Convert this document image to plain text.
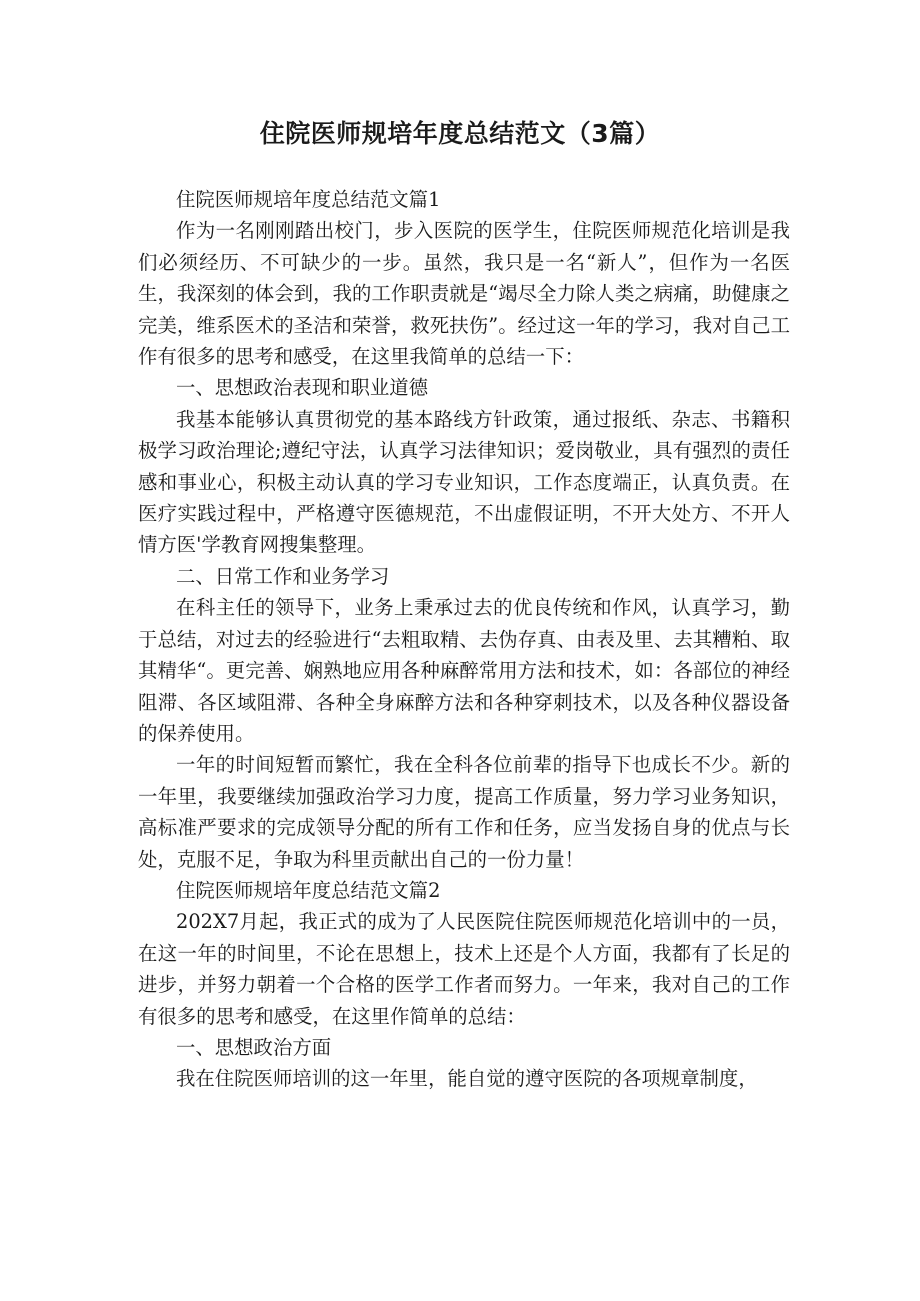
住院医师规培年度总结范文（3篇）

住院医师规培年度总结范文篇1

作为一名刚刚踏出校门，步入医院的医学生，住院医师规范化培训是我们必须经历、不可缺少的一步。虽然，我只是一名“新人”，但作为一名医生，我深刻的体会到，我的工作职责就是“竭尽全力除人类之病痛，助健康之完美，维系医术的圣洁和荣誉，救死扶伤”。经过这一年的学习，我对自己工作有很多的思考和感受，在这里我简单的总结一下：

一、思想政治表现和职业道德

我基本能够认真贯彻党的基本路线方针政策，通过报纸、杂志、书籍积极学习政治理论;遵纪守法，认真学习法律知识；爱岗敬业，具有强烈的责任感和事业心，积极主动认真的学习专业知识，工作态度端正，认真负责。在医疗实践过程中，严格遵守医德规范，不出虚假证明，不开大处方、不开人情方医'学教育网搜集整理。

二、日常工作和业务学习

在科主任的领导下，业务上秉承过去的优良传统和作风，认真学习，勤于总结，对过去的经验进行“去粗取精、去伪存真、由表及里、去其糟粕、取其精华“。更完善、娴熟地应用各种麻醉常用方法和技术，如：各部位的神经阻滞、各区域阻滞、各种全身麻醉方法和各种穿刺技术，以及各种仪器设备的保养使用。

一年的时间短暂而繁忙，我在全科各位前辈的指导下也成长不少。新的一年里，我要继续加强政治学习力度，提高工作质量，努力学习业务知识，高标准严要求的完成领导分配的所有工作和任务，应当发扬自身的优点与长处，克服不足，争取为科里贡献出自己的一份力量！

住院医师规培年度总结范文篇2

202X7月起，我正式的成为了人民医院住院医师规范化培训中的一员，在这一年的时间里，不论在思想上，技术上还是个人方面，我都有了长足的进步，并努力朝着一个合格的医学工作者而努力。一年来，我对自己的工作有很多的思考和感受，在这里作简单的总结：

一、思想政治方面

我在住院医师培训的这一年里，能自觉的遵守医院的各项规章制度，
